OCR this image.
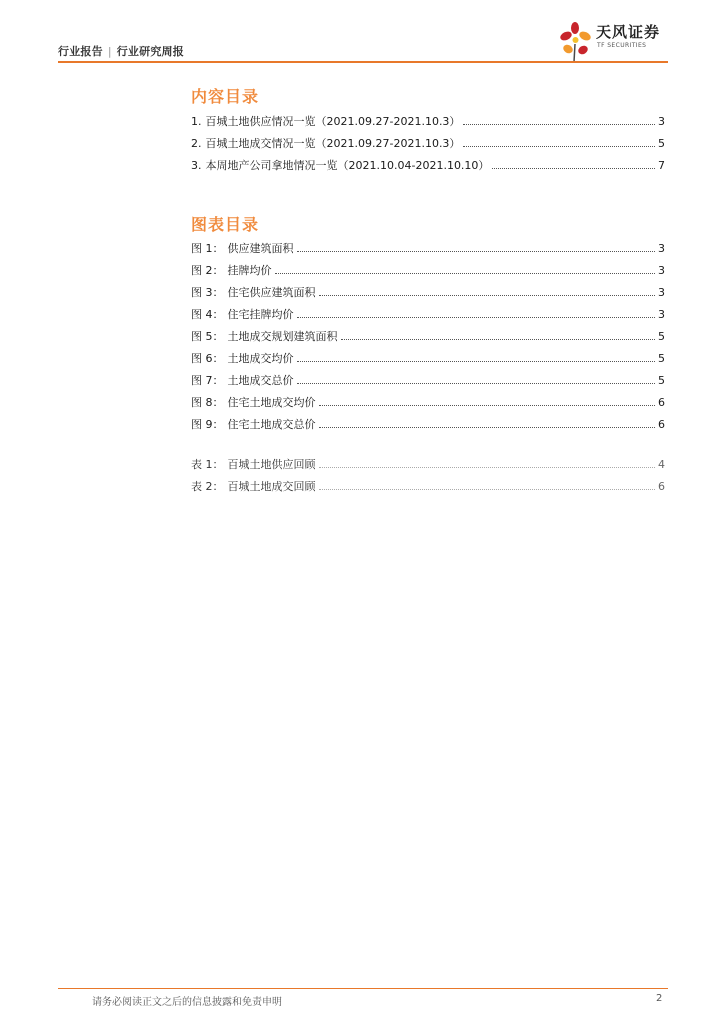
行业报告 | 行业研究周报
天风证券
TF SECURITIES
内容目录
1. 百城土地供应情况一览（2021.09.27-2021.10.3）	3
2. 百城土地成交情况一览（2021.09.27-2021.10.3）	5
3. 本周地产公司拿地情况一览（2021.10.04-2021.10.10）	7
图表目录
图 1： 供应建筑面积	3
图 2： 挂牌均价	3
图 3： 住宅供应建筑面积	3
图 4： 住宅挂牌均价	3
图 5： 土地成交规划建筑面积	5
图 6： 土地成交均价	5
图 7： 土地成交总价	5
图 8： 住宅土地成交均价	6
图 9： 住宅土地成交总价	6
表 1： 百城土地供应回顾	4
表 2： 百城土地成交回顾	6
请务必阅读正文之后的信息披露和免责申明	2
